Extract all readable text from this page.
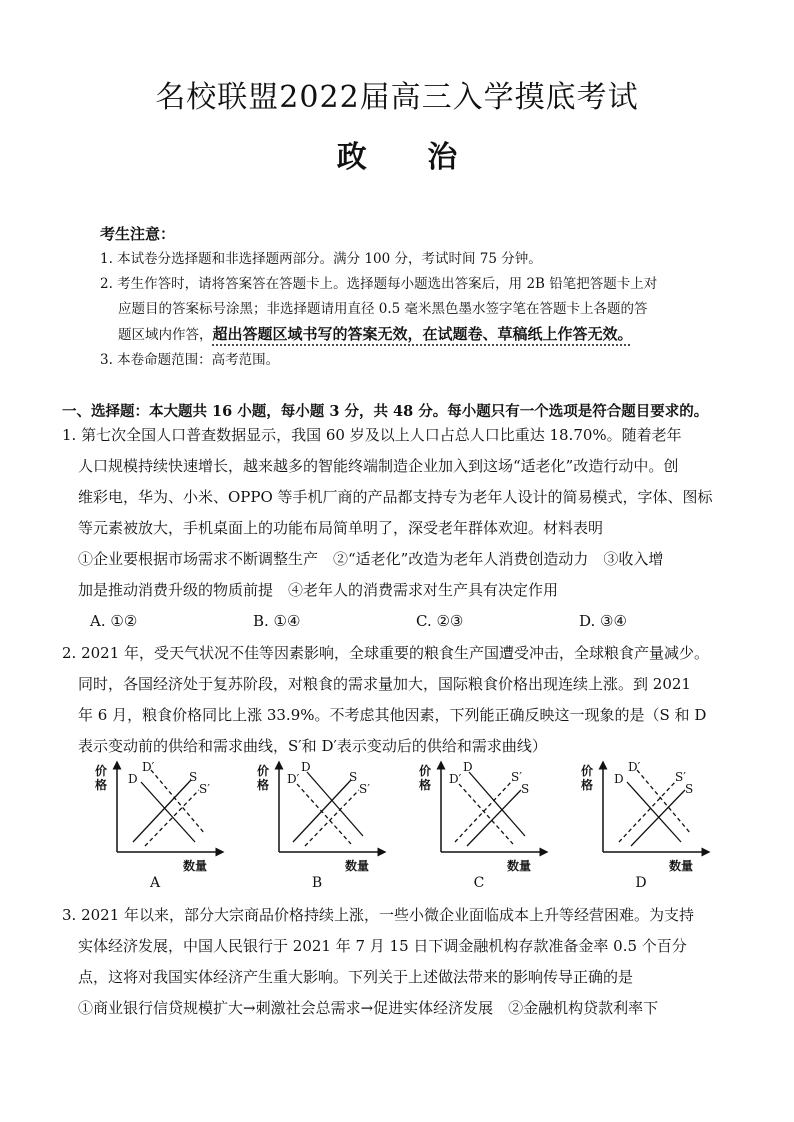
名校联盟2022届高三入学摸底考试
政 治
考生注意：
1. 本试卷分选择题和非选择题两部分。满分 100 分，考试时间 75 分钟。
2. 考生作答时，请将答案答在答题卡上。选择题每小题选出答案后，用 2B 铅笔把答题卡上对
应题目的答案标号涂黑；非选择题请用直径 0.5 毫米黑色墨水签字笔在答题卡上各题的答
题区域内作答，超出答题区域书写的答案无效，在试题卷、草稿纸上作答无效。
3. 本卷命题范围：高考范围。
一、选择题：本大题共 16 小题，每小题 3 分，共 48 分。每小题只有一个选项是符合题目要求的。
1. 第七次全国人口普查数据显示，我国 60 岁及以上人口占总人口比重达 18.70%。随着老年
人口规模持续快速增长，越来越多的智能终端制造企业加入到这场“适老化”改造行动中。创
维彩电，华为、小米、OPPO 等手机厂商的产品都支持专为老年人设计的简易模式，字体、图标
等元素被放大，手机桌面上的功能布局简单明了，深受老年群体欢迎。材料表明
①企业要根据市场需求不断调整生产　②“适老化”改造为老年人消费创造动力　③收入增
加是推动消费升级的物质前提　④老年人的消费需求对生产具有决定作用
A. ①②	B. ①④	C. ②③	D. ③④
2. 2021 年，受天气状况不佳等因素影响，全球重要的粮食生产国遭受冲击，全球粮食产量减少。
同时，各国经济处于复苏阶段，对粮食的需求量加大，国际粮食价格出现连续上涨。到 2021
年 6 月，粮食价格同比上涨 33.9%。不考虑其他因素，下列能正确反映这一现象的是（S 和 D
表示变动前的供给和需求曲线，S′和 D′表示变动后的供给和需求曲线）
价格
数量
D
D′
S
S′
A
价格
数量
D′
D
S
S′
B
价格
数量
D′
D
S′
S
C
价格
数量
D
D′
S′
S
D
3. 2021 年以来，部分大宗商品价格持续上涨，一些小微企业面临成本上升等经营困难。为支持
实体经济发展，中国人民银行于 2021 年 7 月 15 日下调金融机构存款准备金率 0.5 个百分
点，这将对我国实体经济产生重大影响。下列关于上述做法带来的影响传导正确的是
①商业银行信贷规模扩大→刺激社会总需求→促进实体经济发展　②金融机构贷款利率下
